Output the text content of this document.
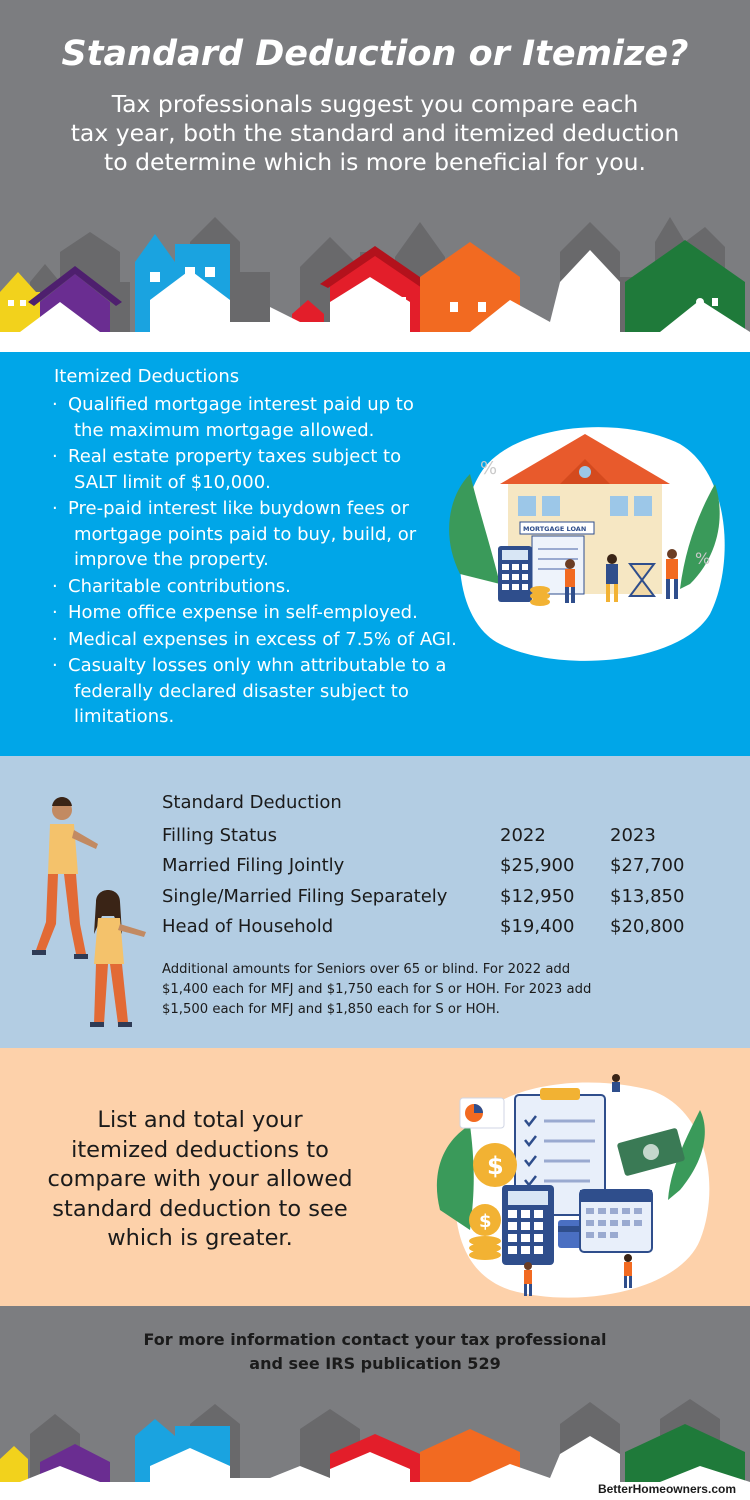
Standard Deduction or Itemize?
Tax professionals suggest you compare each
tax year, both the standard and itemized deduction
to determine which is more beneficial for you.
Itemized Deductions
· Qualified mortgage interest paid up to
the maximum mortgage allowed.
· Real estate property taxes subject to
SALT limit of $10,000.
· Pre-paid interest like buydown fees or
mortgage points paid to buy, build, or
improve the property.
· Charitable contributions.
· Home office expense in self-employed.
· Medical expenses in excess of 7.5% of AGI.
· Casualty losses only whn attributable to a
federally declared disaster subject to
limitations.
%
%
MORTGAGE LOAN
Standard Deduction
Filling Status	2022	2023
Married Filing Jointly	$25,900	$27,700
Single/Married Filing Separately	$12,950	$13,850
Head of Household	$19,400	$20,800
Additional amounts for Seniors over 65 or blind. For 2022 add
$1,400 each for MFJ and $1,750 each for S or HOH. For 2023 add
$1,500 each for MFJ and $1,850 each for S or HOH.
List and total your
itemized deductions to
compare with your allowed
standard deduction to see
which is greater.
$
$
For more information contact your tax professional
and see IRS publication 529
BetterHomeowners.com
